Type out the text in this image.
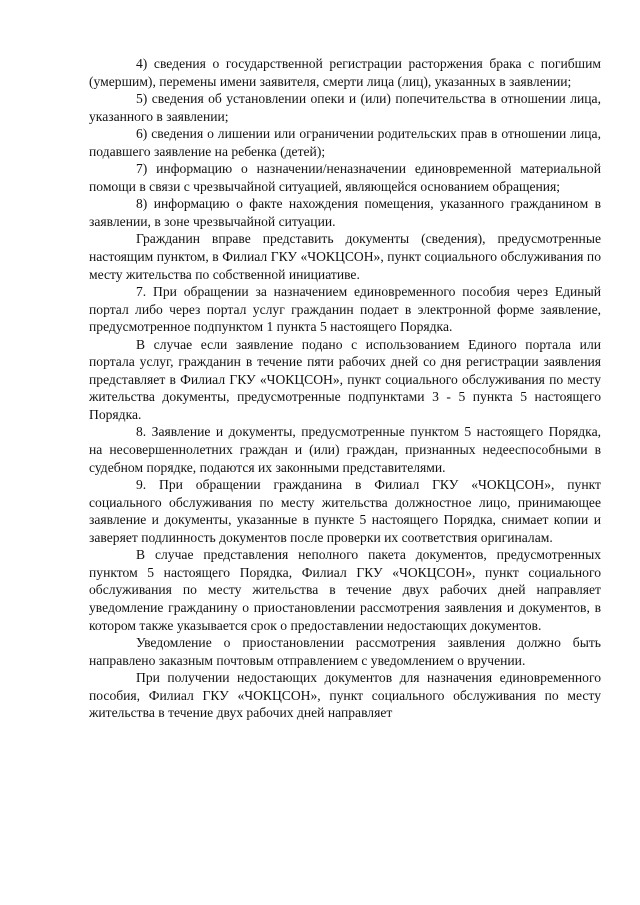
4) сведения о государственной регистрации расторжения брака с погибшим (умершим), перемены имени заявителя, смерти лица (лиц), указанных в заявлении;

5) сведения об установлении опеки и (или) попечительства в отношении лица, указанного в заявлении;

6) сведения о лишении или ограничении родительских прав в отношении лица, подавшего заявление на ребенка (детей);

7) информацию о назначении/неназначении единовременной материальной помощи в связи с чрезвычайной ситуацией, являющейся основанием обращения;

8) информацию о факте нахождения помещения, указанного гражданином в заявлении, в зоне чрезвычайной ситуации.

Гражданин вправе представить документы (сведения), предусмотренные настоящим пунктом, в Филиал ГКУ «ЧОКЦСОН», пункт социального обслуживания по месту жительства по собственной инициативе.

7. При обращении за назначением единовременного пособия через Единый портал либо через портал услуг гражданин подает в электронной форме заявление, предусмотренное подпунктом 1 пункта 5 настоящего Порядка.

В случае если заявление подано с использованием Единого портала или портала услуг, гражданин в течение пяти рабочих дней со дня регистрации заявления представляет в Филиал ГКУ «ЧОКЦСОН», пункт социального обслуживания по месту жительства документы, предусмотренные подпунктами 3 - 5 пункта 5 настоящего Порядка.

8. Заявление и документы, предусмотренные пунктом 5 настоящего Порядка, на несовершеннолетних граждан и (или) граждан, признанных недееспособными в судебном порядке, подаются их законными представителями.

9. При обращении гражданина в Филиал ГКУ «ЧОКЦСОН», пункт социального обслуживания по месту жительства должностное лицо, принимающее заявление и документы, указанные в пункте 5 настоящего Порядка, снимает копии и заверяет подлинность документов после проверки их соответствия оригиналам.

В случае представления неполного пакета документов, предусмотренных пунктом 5 настоящего Порядка, Филиал ГКУ «ЧОКЦСОН», пункт социального обслуживания по месту жительства в течение двух рабочих дней направляет уведомление гражданину о приостановлении рассмотрения заявления и документов, в котором также указывается срок о предоставлении недостающих документов.

Уведомление о приостановлении рассмотрения заявления должно быть направлено заказным почтовым отправлением с уведомлением о вручении.

При получении недостающих документов для назначения единовременного пособия, Филиал ГКУ «ЧОКЦСОН», пункт социального обслуживания по месту жительства в течение двух рабочих дней направляет
